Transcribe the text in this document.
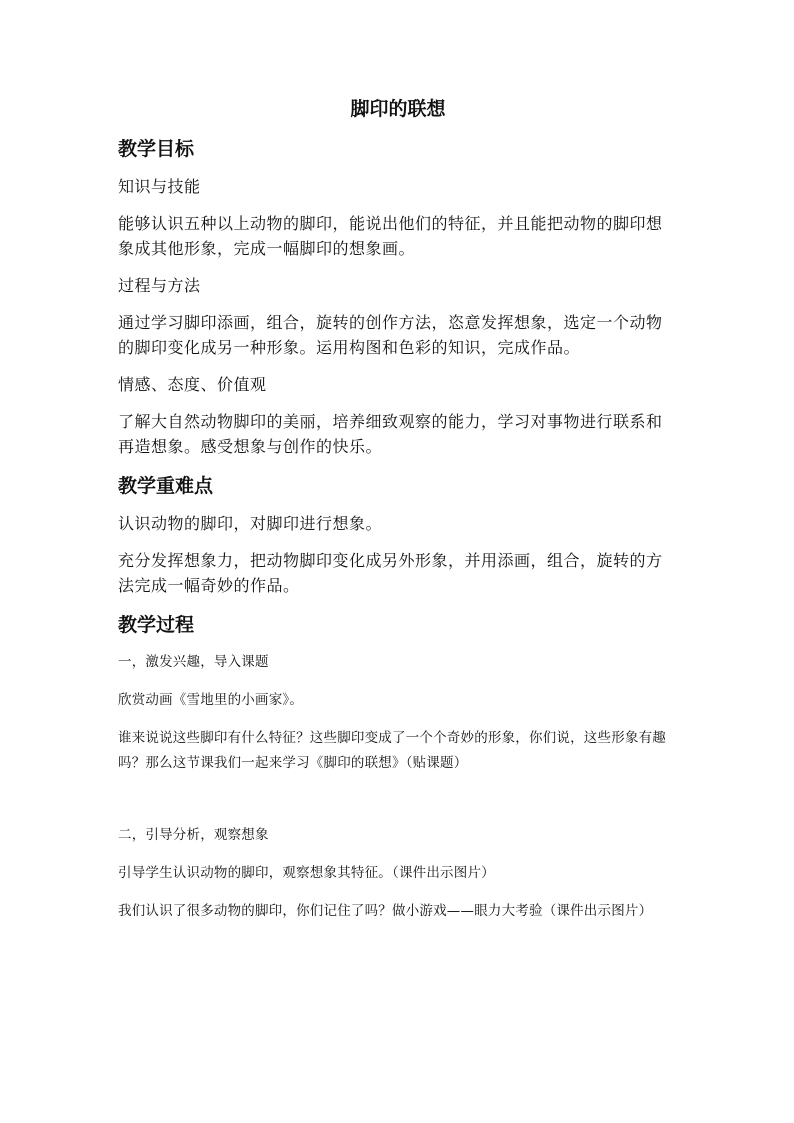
脚印的联想
教学目标

知识与技能

能够认识五种以上动物的脚印，能说出他们的特征，并且能把动物的脚印想象成其他形象，完成一幅脚印的想象画。

过程与方法

通过学习脚印添画，组合，旋转的创作方法，恣意发挥想象，选定一个动物的脚印变化成另一种形象。运用构图和色彩的知识，完成作品。

情感、态度、价值观

了解大自然动物脚印的美丽，培养细致观察的能力，学习对事物进行联系和再造想象。感受想象与创作的快乐。

教学重难点

认识动物的脚印，对脚印进行想象。

充分发挥想象力，把动物脚印变化成另外形象，并用添画，组合，旋转的方法完成一幅奇妙的作品。

教学过程

一，激发兴趣，导入课题

欣赏动画《雪地里的小画家》。

谁来说说这些脚印有什么特征？这些脚印变成了一个个奇妙的形象，你们说，这些形象有趣吗？那么这节课我们一起来学习《脚印的联想》（贴课题）

二，引导分析，观察想象

引导学生认识动物的脚印，观察想象其特征。（课件出示图片）

我们认识了很多动物的脚印，你们记住了吗？做小游戏——眼力大考验（课件出示图片）
